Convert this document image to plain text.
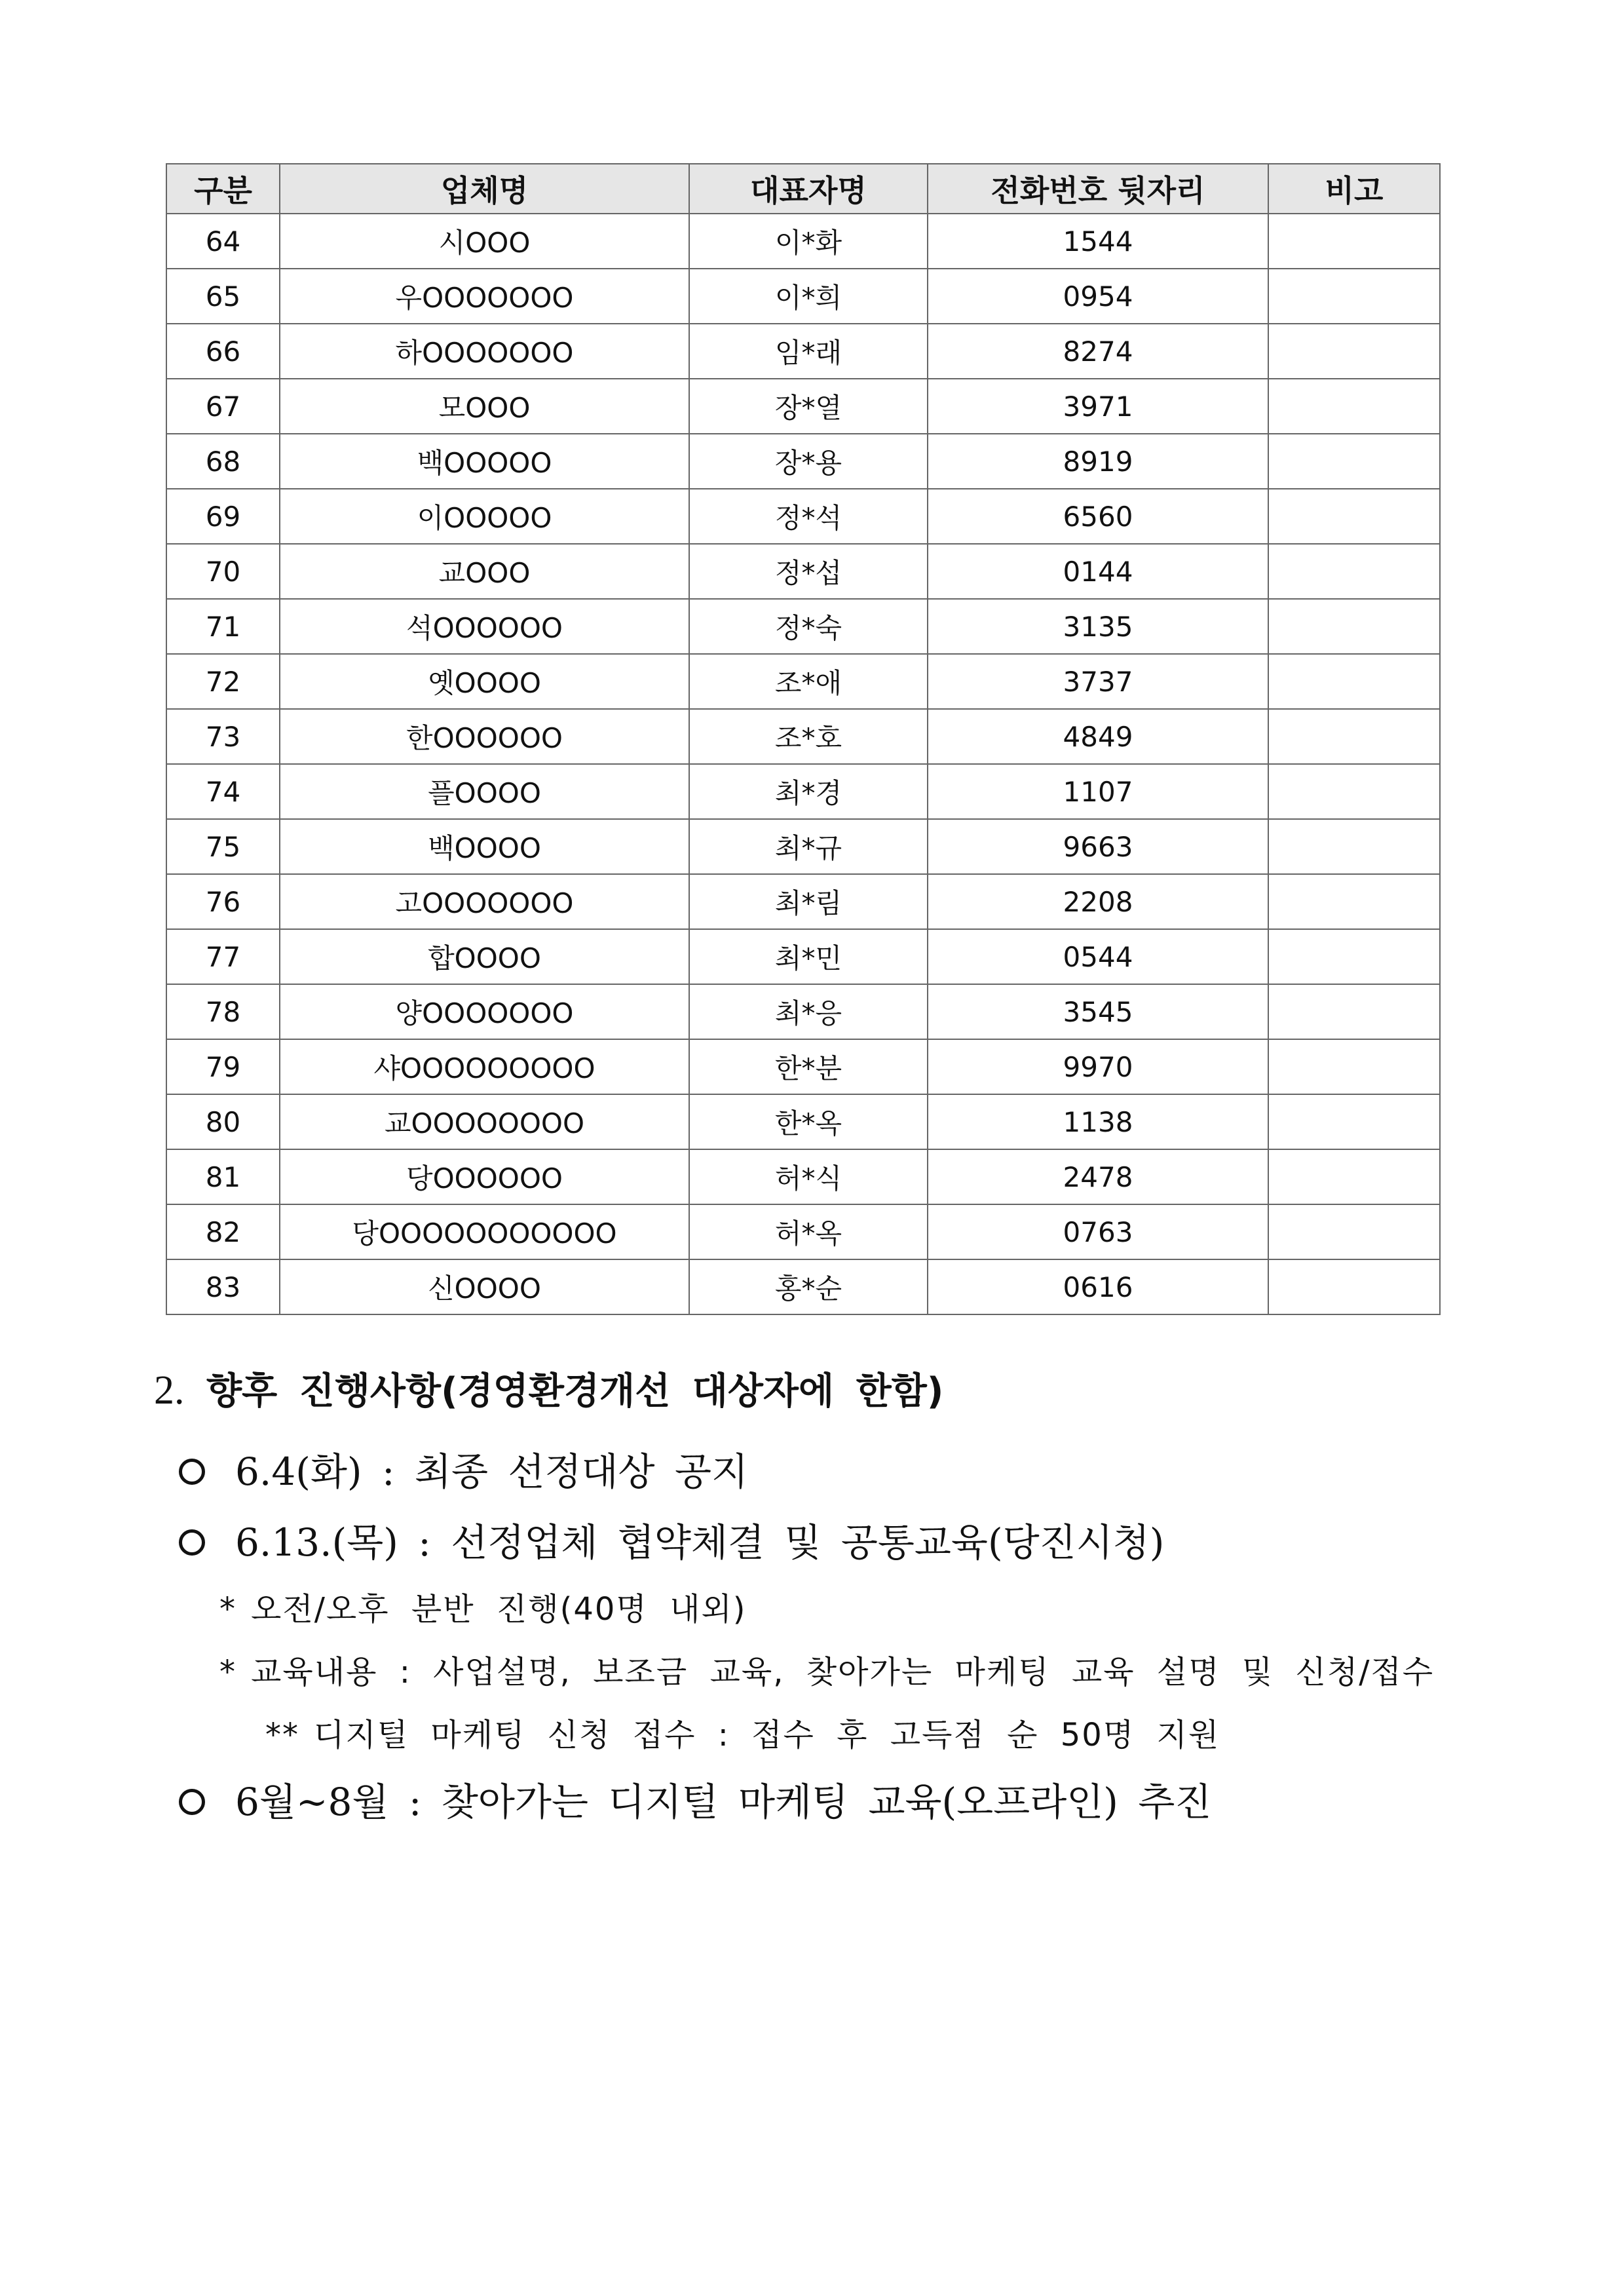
구분	업체명	대표자명	전화번호 뒷자리	비고
64	시OOO	이*화	1544	
65	우OOOOOOO	이*희	0954	
66	하OOOOOOO	임*래	8274	
67	모OOO	장*열	3971	
68	백OOOOO	장*용	8919	
69	이OOOOO	정*석	6560	
70	교OOO	정*섭	0144	
71	석OOOOOO	정*숙	3135	
72	옛OOOO	조*애	3737	
73	한OOOOOO	조*호	4849	
74	플OOOO	최*경	1107	
75	백OOOO	최*규	9663	
76	고OOOOOOO	최*림	2208	
77	합OOOO	최*민	0544	
78	양OOOOOOO	최*응	3545	
79	샤OOOOOOOOO	한*분	9970	
80	교OOOOOOOO	한*옥	1138	
81	당OOOOOO	허*식	2478	
82	당OOOOOOOOOOO	허*옥	0763	
83	신OOOO	홍*순	0616	
2. 향후 진행사항(경영환경개선 대상자에 한함)
6.4(화) : 최종 선정대상 공지
6.13.(목) : 선정업체 협약체결 및 공통교육(당진시청)
* 오전/오후 분반 진행(40명 내외)
* 교육내용 : 사업설명, 보조금 교육, 찾아가는 마케팅 교육 설명 및 신청/접수
** 디지털 마케팅 신청 접수 : 접수 후 고득점 순 50명 지원
6월~8월 : 찾아가는 디지털 마케팅 교육(오프라인) 추진
